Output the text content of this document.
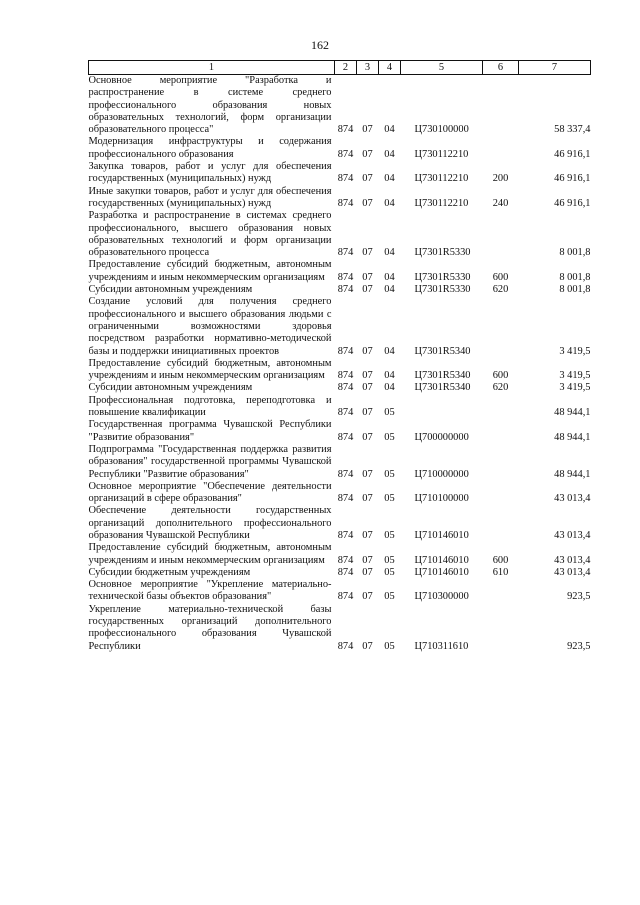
162
1	2	3	4	5	6	7
Основное мероприятие "Разработка и распространение в системе среднего профессионального образования новых образовательных технологий, форм организации образовательного процесса"	874	07	04	Ц730100000		58 337,4
Модернизация инфраструктуры и содержания профессионального образования	874	07	04	Ц730112210		46 916,1
Закупка товаров, работ и услуг для обеспечения государственных (муниципальных) нужд	874	07	04	Ц730112210	200	46 916,1
Иные закупки товаров, работ и услуг для обеспечения государственных (муниципальных) нужд	874	07	04	Ц730112210	240	46 916,1
Разработка и распространение в системах среднего профессионального, высшего образования новых образовательных технологий и форм организации образовательного процесса	874	07	04	Ц7301R5330		8 001,8
Предоставление субсидий бюджетным, автономным учреждениям и иным некоммерческим организациям	874	07	04	Ц7301R5330	600	8 001,8
Субсидии автономным учреждениям	874	07	04	Ц7301R5330	620	8 001,8
Создание условий для получения среднего профессионального и высшего образования людьми с ограниченными возможностями здоровья посредством разработки нормативно-методической базы и поддержки инициативных проектов	874	07	04	Ц7301R5340		3 419,5
Предоставление субсидий бюджетным, автономным учреждениям и иным некоммерческим организациям	874	07	04	Ц7301R5340	600	3 419,5
Субсидии автономным учреждениям	874	07	04	Ц7301R5340	620	3 419,5
Профессиональная подготовка, переподготовка и повышение квалификации	874	07	05			48 944,1
Государственная программа Чувашской Республики "Развитие образования"	874	07	05	Ц700000000		48 944,1
Подпрограмма "Государственная поддержка развития образования" государственной программы Чувашской Республики "Развитие образования"	874	07	05	Ц710000000		48 944,1
Основное мероприятие "Обеспечение деятельности организаций в сфере образования"	874	07	05	Ц710100000		43 013,4
Обеспечение деятельности государственных организаций дополнительного профессионального образования Чувашской Республики	874	07	05	Ц710146010		43 013,4
Предоставление субсидий бюджетным, автономным учреждениям и иным некоммерческим организациям	874	07	05	Ц710146010	600	43 013,4
Субсидии бюджетным учреждениям	874	07	05	Ц710146010	610	43 013,4
Основное мероприятие "Укрепление материально-технической базы объектов образования"	874	07	05	Ц710300000		923,5
Укрепление материально-технической базы государственных организаций дополнительного профессионального образования Чувашской Республики	874	07	05	Ц710311610		923,5
